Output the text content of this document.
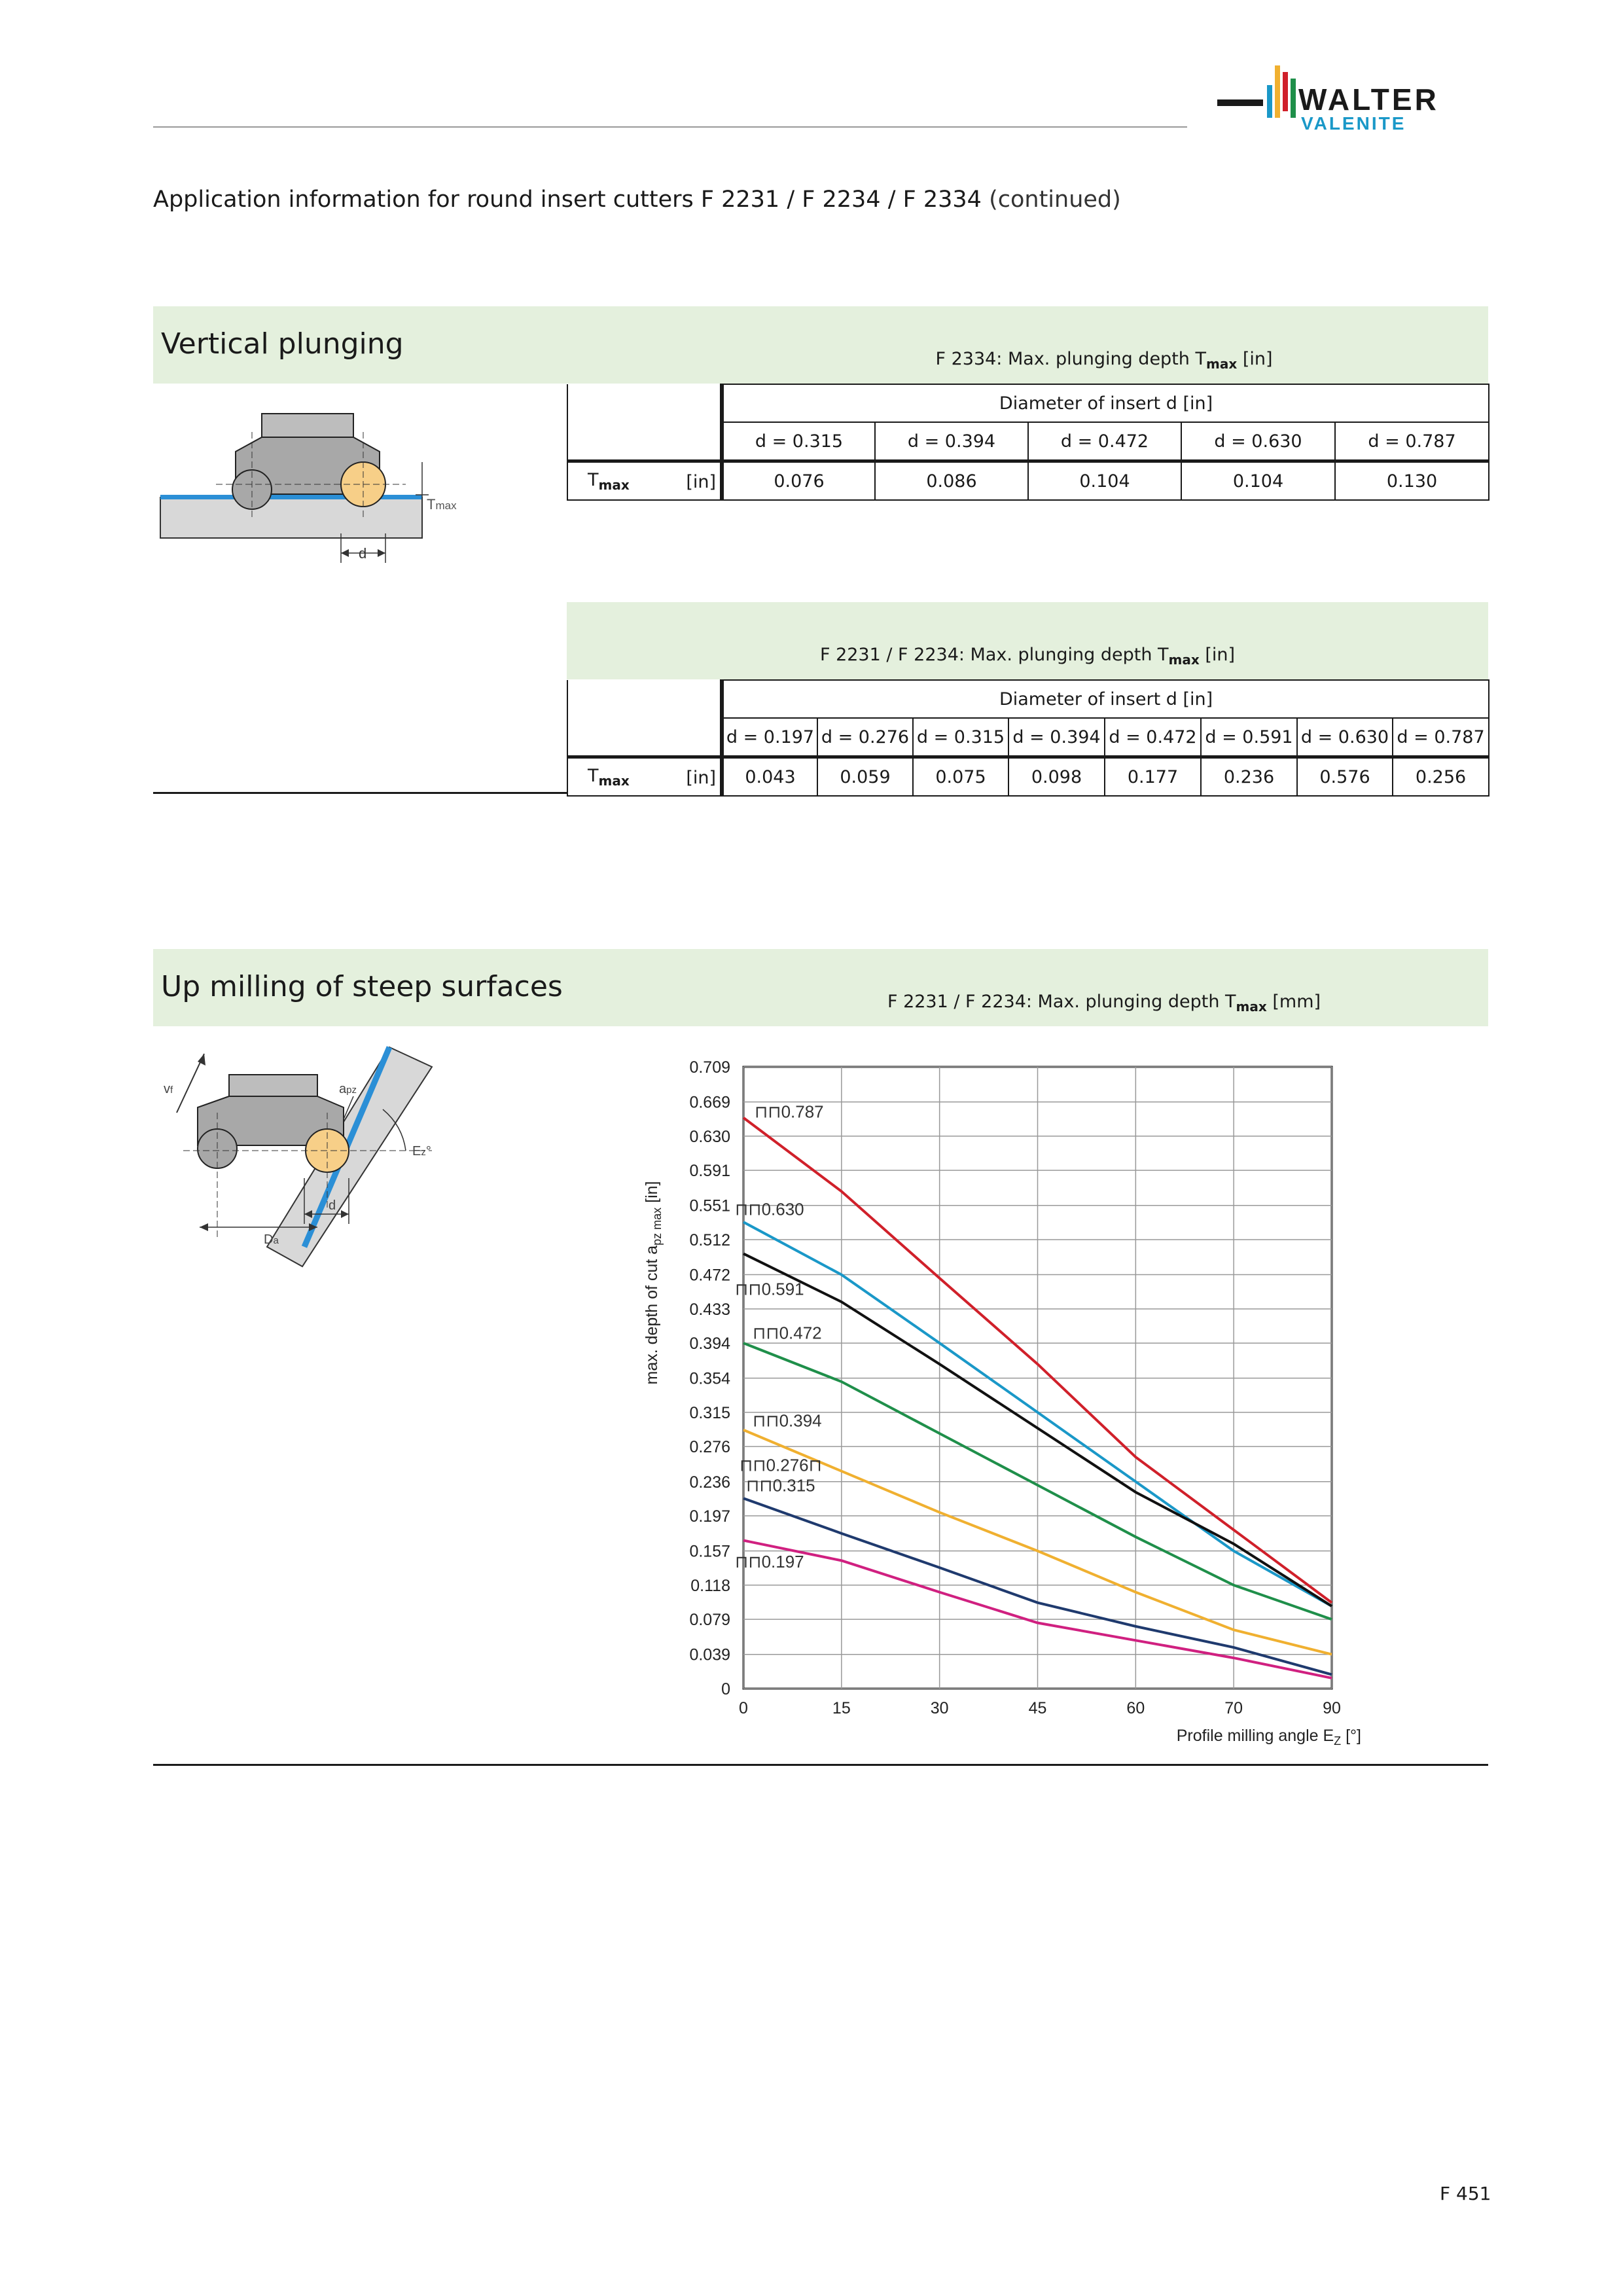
WALTER
VALENITE
Application information for round insert cutters F 2231 / F 2234 / F 2334 (continued)
Vertical plunging	F 2334: Max. plunging depth $T_{max}$ [in]
Tmax
d
	Diameter of insert d [in]				
	d = 0.315	d = 0.394	d = 0.472	d = 0.630	d = 0.787
$T_{max}$ [in]	0.076	0.086	0.104	0.104	0.130
F 2231 / F 2234: Max. plunging depth $T_{max}$ [in]
	Diameter of insert d [in]							
	d = 0.197	d = 0.276	d = 0.315	d = 0.394	d = 0.472	d = 0.591	d = 0.630	d = 0.787
$T_{max}$ [in]	0.043	0.059	0.075	0.098	0.177	0.236	0.576	0.256
Up milling of steep surfaces	F 2231 / F 2234: Max. plunging depth $T_{max}$ [mm]
vf	apz
Ez°
d
Da
0
0.039
0.079
0.118
0.157
0.197
0.236
0.276
0.315
0.354
0.394
0.433
0.472
0.512
0.551
0.591
0.630
0.669
0.709
0	15	30	45	60	70	90
⊓⊓0.787
⊓⊓0.630
⊓⊓0.591
⊓⊓0.472
⊓⊓0.394
⊓⊓0.276⊓
⊓⊓0.315
⊓⊓0.197
max. depth of cut $a_{pz max}$ [in]
Profile milling angle $E_Z$ [°]
F 451
